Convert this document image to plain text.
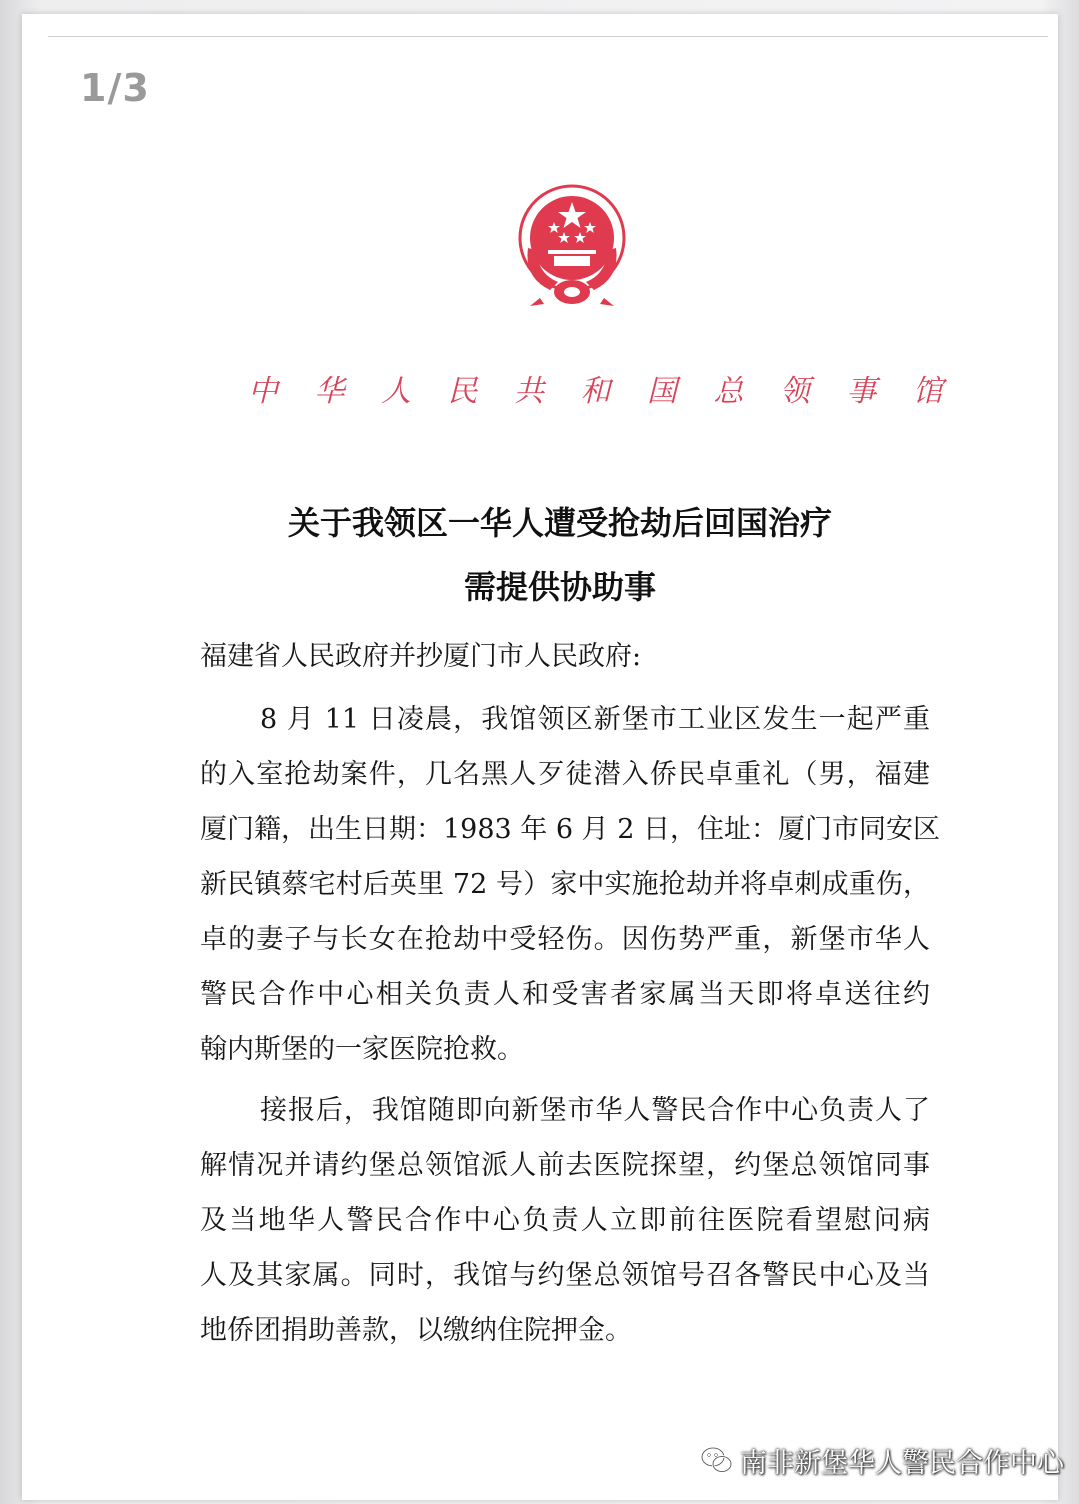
1/3
中华人民共和国总领事馆
关于我领区一华人遭受抢劫后回国治疗
需提供协助事
福建省人民政府并抄厦门市人民政府:
8 月 11 日凌晨，我馆领区新堡市工业区发生一起严重
的入室抢劫案件，几名黑人歹徒潜入侨民卓重礼（男，福建
厦门籍，出生日期：1983 年 6 月 2 日，住址：厦门市同安区
新民镇蔡宅村后英里 72 号）家中实施抢劫并将卓刺成重伤，
卓的妻子与长女在抢劫中受轻伤。因伤势严重，新堡市华人
警民合作中心相关负责人和受害者家属当天即将卓送往约
翰内斯堡的一家医院抢救。
接报后，我馆随即向新堡市华人警民合作中心负责人了
解情况并请约堡总领馆派人前去医院探望，约堡总领馆同事
及当地华人警民合作中心负责人立即前往医院看望慰问病
人及其家属。同时，我馆与约堡总领馆号召各警民中心及当
地侨团捐助善款，以缴纳住院押金。
南非新堡华人警民合作中心
